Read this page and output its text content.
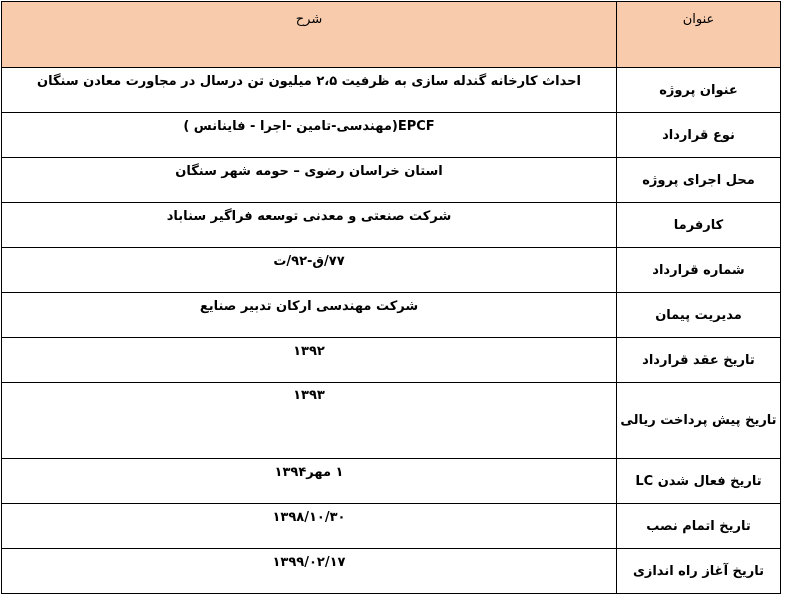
عنوان	شرح
عنوان پروژه	احداث کارخانه گندله سازی به ظرفیت ۲،۵ میلیون تن درسال در مجاورت معادن سنگان
نوع قرارداد	EPCF(مهندسی-تامین -اجرا - فاینانس )
محل اجرای پروژه	استان خراسان رضوی – حومه شهر سنگان
کارفرما	شرکت صنعتی و معدنی توسعه فراگیر سناباد
شماره قرارداد	۷۷/ق-۹۲/ت
مدیریت پیمان	شرکت مهندسی ارکان تدبیر صنایع
تاریخ عقد قرارداد	۱۳۹۲
تاریخ پیش پرداخت ریالی	۱۳۹۳
تاریخ فعال شدن LC	۱ مهر۱۳۹۴
تاریخ اتمام نصب	۱۳۹۸/۱۰/۳۰
تاریخ آغاز راه اندازی	۱۳۹۹/۰۲/۱۷
